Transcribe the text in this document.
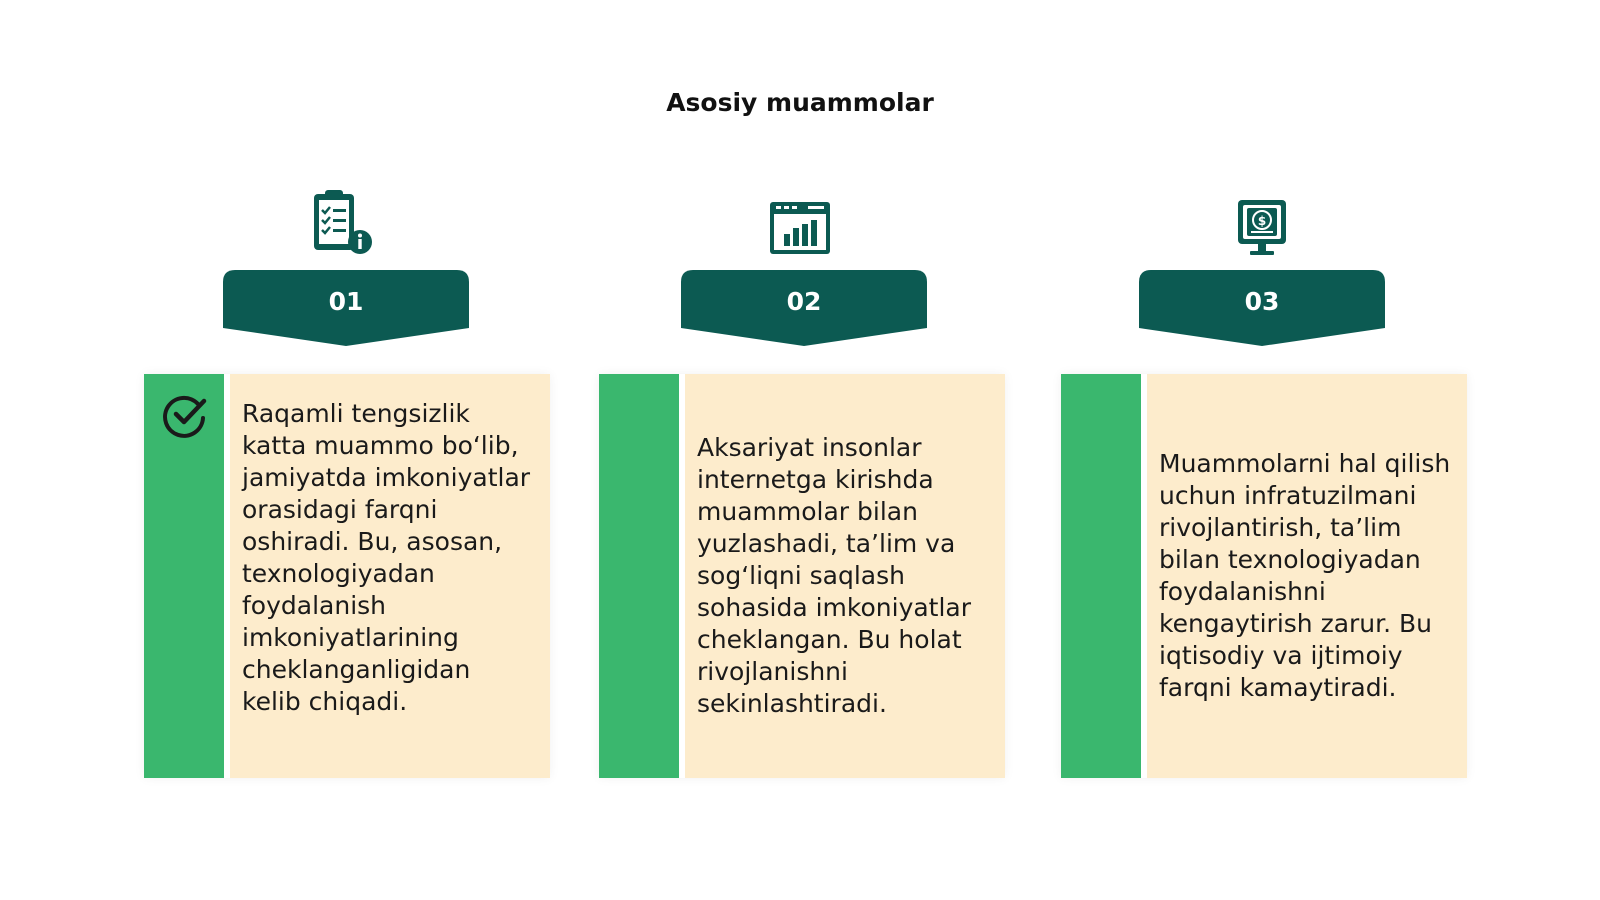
Asosiy muammolar
01

Raqamli tengsizlik katta muammo bo‘lib, jamiyatda imkoniyatlar orasidagi farqni oshiradi. Bu, asosan, texnologiyadan foydalanish imkoniyatlarining cheklanganligidan kelib chiqadi.

02

Aksariyat insonlar internetga kirishda muammolar bilan yuzlashadi, ta’lim va sog‘liqni saqlash sohasida imkoniyatlar cheklangan. Bu holat rivojlanishni sekinlashtiradi.

$
03

Muammolarni hal qilish uchun infratuzilmani rivojlantirish, ta’lim bilan texnologiyadan foydalanishni kengaytirish zarur. Bu iqtisodiy va ijtimoiy farqni kamaytiradi.
